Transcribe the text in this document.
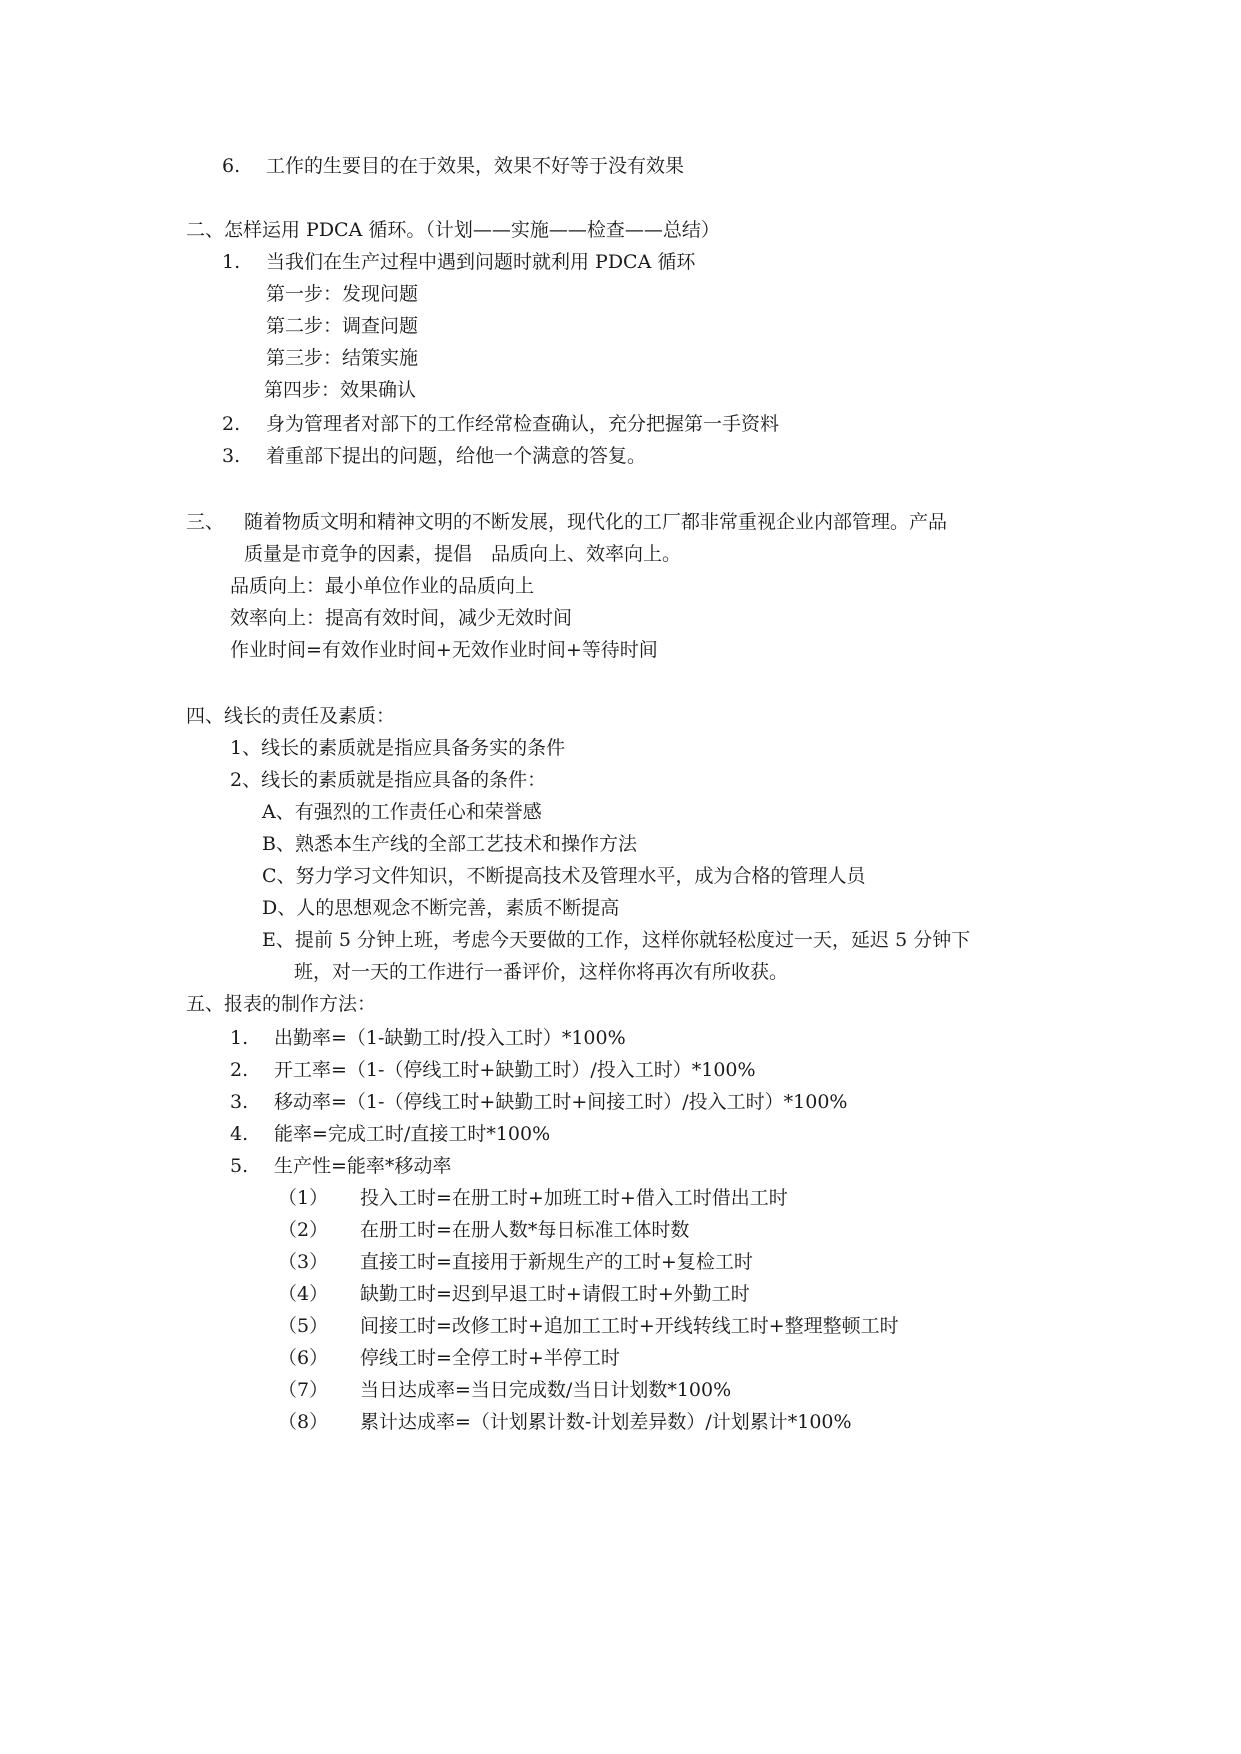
6. 工作的生要目的在于效果，效果不好等于没有效果
二、怎样运用 PDCA 循环。（计划——实施——检查——总结）
1. 当我们在生产过程中遇到问题时就利用 PDCA 循环
第一步：发现问题
第二步：调查问题
第三步：结策实施
第四步：效果确认
2. 身为管理者对部下的工作经常检查确认，充分把握第一手资料
3. 着重部下提出的问题，给他一个满意的答复。
三、 随着物质文明和精神文明的不断发展，现代化的工厂都非常重视企业内部管理。产品
质量是市竟争的因素，提倡　品质向上、效率向上。
品质向上：最小单位作业的品质向上
效率向上：提高有效时间，减少无效时间
作业时间=有效作业时间+无效作业时间+等待时间
四、线长的责任及素质：
1、线长的素质就是指应具备务实的条件
2、线长的素质就是指应具备的条件：
A、有强烈的工作责任心和荣誉感
B、熟悉本生产线的全部工艺技术和操作方法
C、努力学习文件知识，不断提高技术及管理水平，成为合格的管理人员
D、人的思想观念不断完善，素质不断提高
E、提前 5 分钟上班，考虑今天要做的工作，这样你就轻松度过一天，延迟 5 分钟下
班，对一天的工作进行一番评价，这样你将再次有所收获。
五、报表的制作方法：
1. 出勤率=（1-缺勤工时/投入工时）*100%
2. 开工率=（1-（停线工时+缺勤工时）/投入工时）*100%
3. 移动率=（1-（停线工时+缺勤工时+间接工时）/投入工时）*100%
4. 能率=完成工时/直接工时*100%
5. 生产性=能率*移动率
（1） 投入工时=在册工时+加班工时+借入工时借出工时
（2） 在册工时=在册人数*每日标准工体时数
（3） 直接工时=直接用于新规生产的工时+复检工时
（4） 缺勤工时=迟到早退工时+请假工时+外勤工时
（5） 间接工时=改修工时+追加工工时+开线转线工时+整理整顿工时
（6） 停线工时=全停工时+半停工时
（7） 当日达成率=当日完成数/当日计划数*100%
（8） 累计达成率=（计划累计数-计划差异数）/计划累计*100%
